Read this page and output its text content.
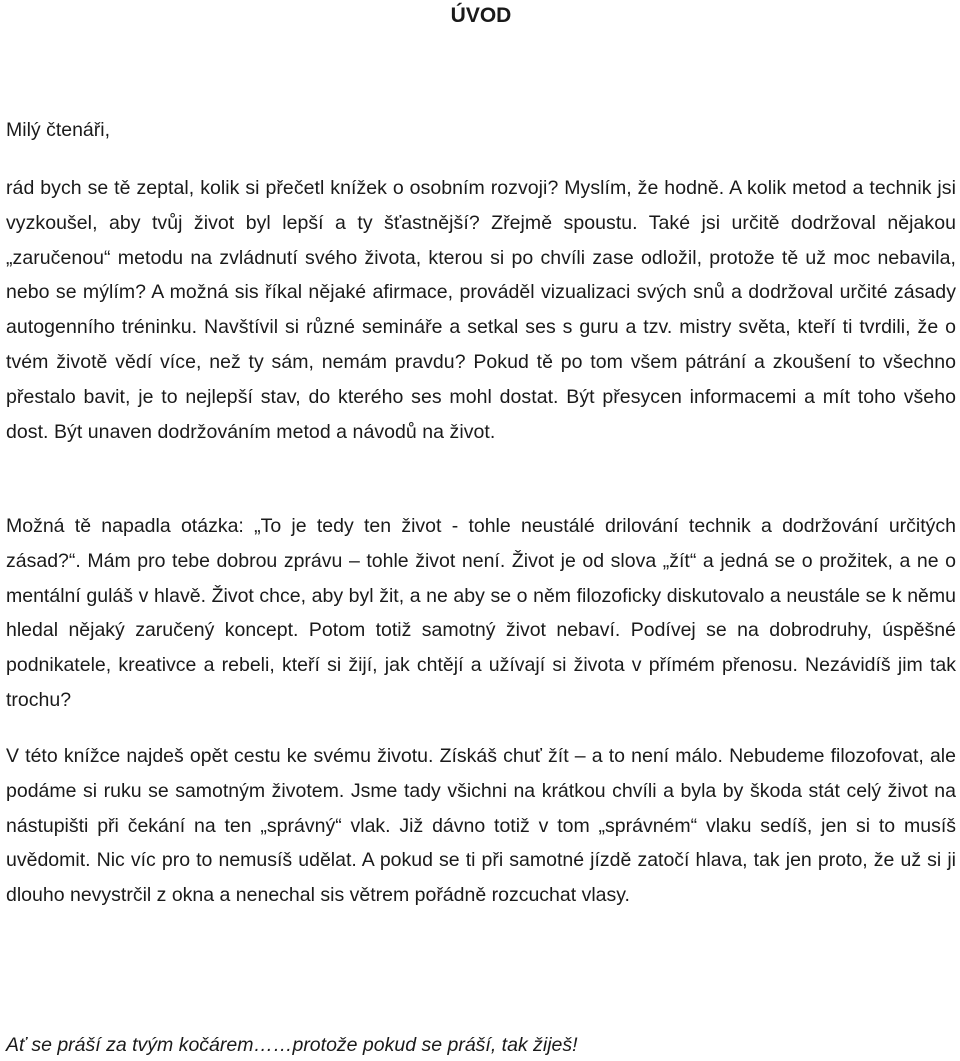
ÚVOD

Milý čtenáři,

rád bych se tě zeptal, kolik si přečetl knížek o osobním rozvoji? Myslím, že hodně. A kolik metod a technik jsi vyzkoušel, aby tvůj život byl lepší a ty šťastnější? Zřejmě spoustu. Také jsi určitě dodržoval nějakou „zaručenou“ metodu na zvládnutí svého života, kterou si po chvíli zase odložil, protože tě už moc nebavila, nebo se mýlím? A možná sis říkal nějaké afirmace, prováděl vizualizaci svých snů a dodržoval určité zásady autogenního tréninku. Navštívil si různé semináře a setkal ses s guru a tzv. mistry světa, kteří ti tvrdili, že o tvém životě vědí více, než ty sám, nemám pravdu? Pokud tě po tom všem pátrání a zkoušení to všechno přestalo bavit, je to nejlepší stav, do kterého ses mohl dostat. Být přesycen informacemi a mít toho všeho dost. Být unaven dodržováním metod a návodů na život.

Možná tě napadla otázka: „To je tedy ten život - tohle neustálé drilování technik a dodržování určitých zásad?“. Mám pro tebe dobrou zprávu – tohle život není. Život je od slova „žít“ a jedná se o prožitek, a ne o mentální guláš v hlavě. Život chce, aby byl žit, a ne aby se o něm filozoficky diskutovalo a neustále se k němu hledal nějaký zaručený koncept. Potom totiž samotný život nebaví. Podívej se na dobrodruhy, úspěšné podnikatele, kreativce a rebeli, kteří si žijí, jak chtějí a užívají si života v přímém přenosu. Nezávidíš jim tak trochu?

V této knížce najdeš opět cestu ke svému životu. Získáš chuť žít – a to není málo. Nebudeme filozofovat, ale podáme si ruku se samotným životem. Jsme tady všichni na krátkou chvíli a byla by škoda stát celý život na nástupišti při čekání na ten „správný“ vlak. Již dávno totiž v tom „správném“ vlaku sedíš, jen si to musíš uvědomit. Nic víc pro to nemusíš udělat. A pokud se ti při samotné jízdě zatočí hlava, tak jen proto, že už si ji dlouho nevystrčil z okna a nenechal sis větrem pořádně rozcuchat vlasy.

Ať se práší za tvým kočárem……protože pokud se práší, tak žiješ!
